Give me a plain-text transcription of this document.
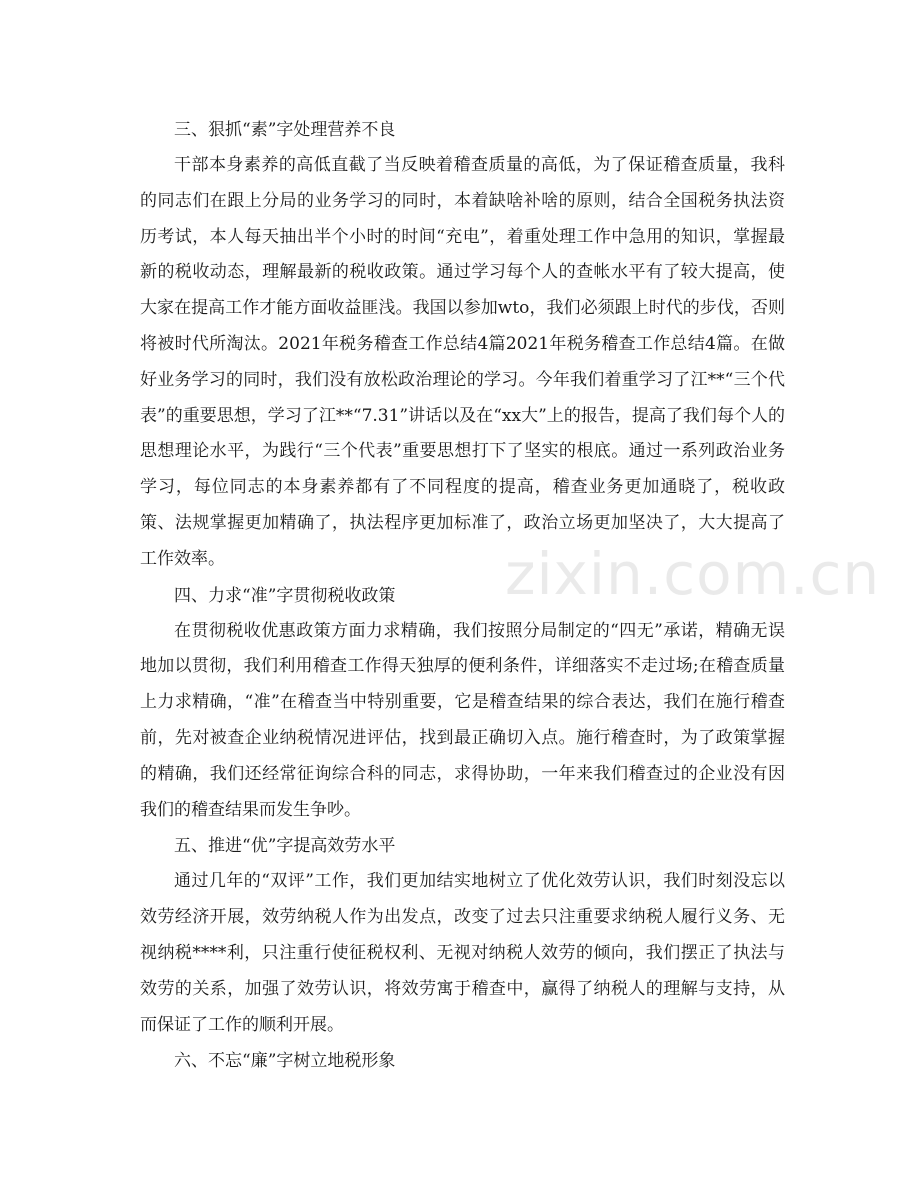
三、狠抓“素”字处理营养不良

干部本身素养的高低直截了当反映着稽查质量的高低，为了保证稽查质量，我科的同志们在跟上分局的业务学习的同时，本着缺啥补啥的原则，结合全国税务执法资历考试，本人每天抽出半个小时的时间“充电”，着重处理工作中急用的知识，掌握最新的税收动态，理解最新的税收政策。通过学习每个人的查帐水平有了较大提高，使大家在提高工作才能方面收益匪浅。我国以参加wto，我们必须跟上时代的步伐，否则将被时代所淘汰。2021年税务稽查工作总结4篇2021年税务稽查工作总结4篇。在做好业务学习的同时，我们没有放松政治理论的学习。今年我们着重学习了江**“三个代表”的重要思想，学习了江**“7.31”讲话以及在“xx大”上的报告，提高了我们每个人的思想理论水平，为践行“三个代表”重要思想打下了坚实的根底。通过一系列政治业务学习，每位同志的本身素养都有了不同程度的提高，稽查业务更加通晓了，税收政策、法规掌握更加精确了，执法程序更加标准了，政治立场更加坚决了，大大提高了工作效率。

四、力求“准”字贯彻税收政策

在贯彻税收优惠政策方面力求精确，我们按照分局制定的“四无”承诺，精确无误地加以贯彻，我们利用稽查工作得天独厚的便利条件，详细落实不走过场;在稽查质量上力求精确，“准”在稽查当中特别重要，它是稽查结果的综合表达，我们在施行稽查前，先对被查企业纳税情况进评估，找到最正确切入点。施行稽查时，为了政策掌握的精确，我们还经常征询综合科的同志，求得协助，一年来我们稽查过的企业没有因我们的稽查结果而发生争吵。

五、推进“优”字提高效劳水平

通过几年的“双评”工作，我们更加结实地树立了优化效劳认识，我们时刻没忘以效劳经济开展，效劳纳税人作为出发点，改变了过去只注重要求纳税人履行义务、无视纳税****利，只注重行使征税权利、无视对纳税人效劳的倾向，我们摆正了执法与效劳的关系，加强了效劳认识，将效劳寓于稽查中，赢得了纳税人的理解与支持，从而保证了工作的顺利开展。

六、不忘“廉”字树立地税形象

zixin.com.cn
